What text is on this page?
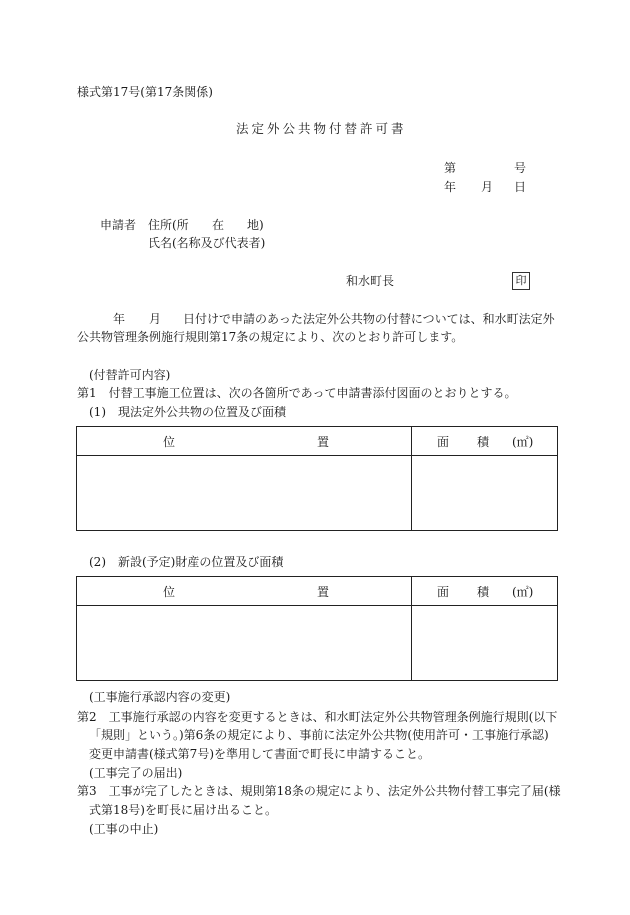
様式第17号(第17条関係)
法定外公共物付替許可書
第	号
年 月 日
申請者 住所(所 在 地)
氏名(名称及び代表者)
和水町長	印
年 月 日付けで申請のあった法定外公共物の付替については、和水町法定外
公共物管理条例施行規則第17条の規定により、次のとおり許可します。
(付替許可内容)
第1　付替工事施工位置は、次の各箇所であって申請書添付図面のとおりとする。
(1)　現法定外公共物の位置及び面積
位 置	面 積 (㎡)

(2)　新設(予定)財産の位置及び面積
位 置	面 積 (㎡)

(工事施行承認内容の変更)
第2　工事施行承認の内容を変更するときは、和水町法定外公共物管理条例施行規則(以下
「規則」という。)第6条の規定により、事前に法定外公共物(使用許可・工事施行承認)
変更申請書(様式第7号)を準用して書面で町長に申請すること。
(工事完了の届出)
第3　工事が完了したときは、規則第18条の規定により、法定外公共物付替工事完了届(様
式第18号)を町長に届け出ること。
(工事の中止)
